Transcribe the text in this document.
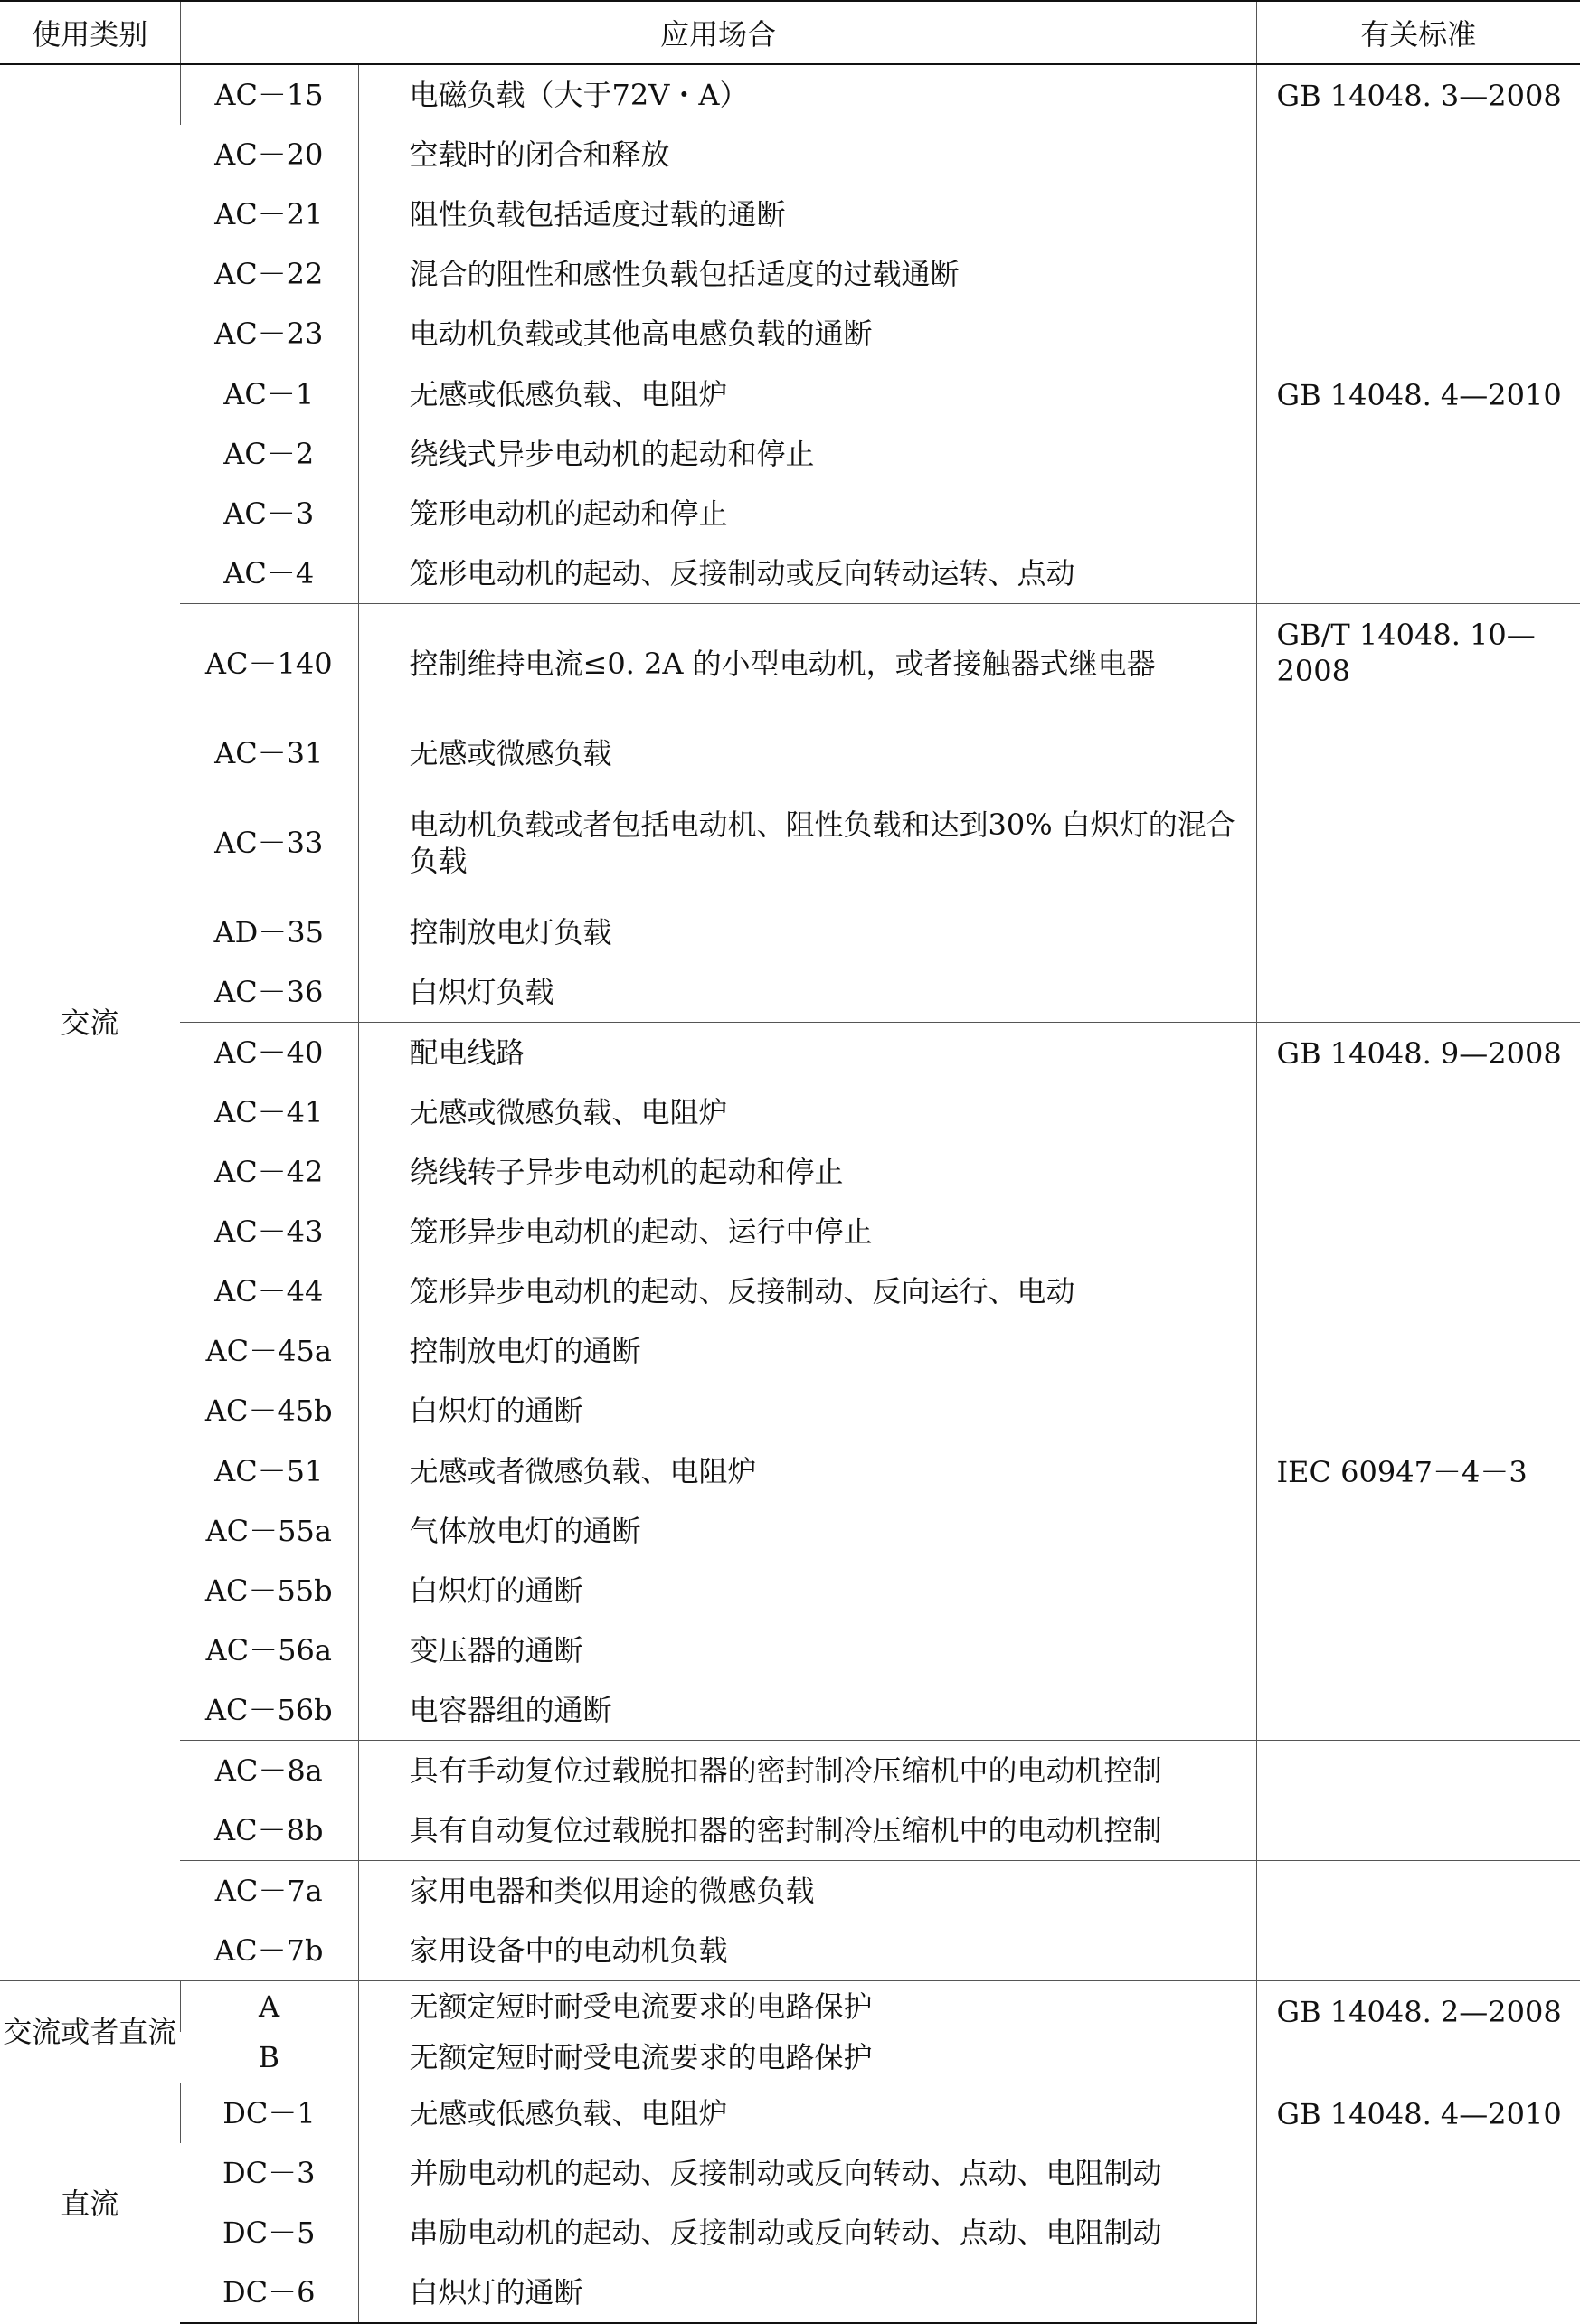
使用类别	应用场合		有关标准
交流	AC－15	电磁负载（大于72V・A）	GB 14048. 3—2008
	AC－20	空载时的闭合和释放	
	AC－21	阻性负载包括适度过载的通断	
	AC－22	混合的阻性和感性负载包括适度的过载通断	
	AC－23	电动机负载或其他高电感负载的通断	
	AC－1	无感或低感负载、电阻炉	GB 14048. 4—2010
	AC－2	绕线式异步电动机的起动和停止	
	AC－3	笼形电动机的起动和停止	
	AC－4	笼形电动机的起动、反接制动或反向转动运转、点动	
	AC－140	控制维持电流≤0. 2A 的小型电动机，或者接触器式继电器	GB/T 14048. 10—2008
	AC－31	无感或微感负载	
	AC－33	电动机负载或者包括电动机、阻性负载和达到30% 白炽灯的混合负载	
	AD－35	控制放电灯负载	
	AC－36	白炽灯负载	
	AC－40	配电线路	GB 14048. 9—2008
	AC－41	无感或微感负载、电阻炉	
	AC－42	绕线转子异步电动机的起动和停止	
	AC－43	笼形异步电动机的起动、运行中停止	
	AC－44	笼形异步电动机的起动、反接制动、反向运行、电动	
	AC－45a	控制放电灯的通断	
	AC－45b	白炽灯的通断	
	AC－51	无感或者微感负载、电阻炉	IEC 60947－4－3
	AC－55a	气体放电灯的通断	
	AC－55b	白炽灯的通断	
	AC－56a	变压器的通断	
	AC－56b	电容器组的通断	
	AC－8a	具有手动复位过载脱扣器的密封制冷压缩机中的电动机控制	
	AC－8b	具有自动复位过载脱扣器的密封制冷压缩机中的电动机控制	
	AC－7a	家用电器和类似用途的微感负载	
	AC－7b	家用设备中的电动机负载	
交流或者直流	A	无额定短时耐受电流要求的电路保护	GB 14048. 2—2008
	B	无额定短时耐受电流要求的电路保护	
直流	DC－1	无感或低感负载、电阻炉	GB 14048. 4—2010
	DC－3	并励电动机的起动、反接制动或反向转动、点动、电阻制动	
	DC－5	串励电动机的起动、反接制动或反向转动、点动、电阻制动	
	DC－6	白炽灯的通断	
